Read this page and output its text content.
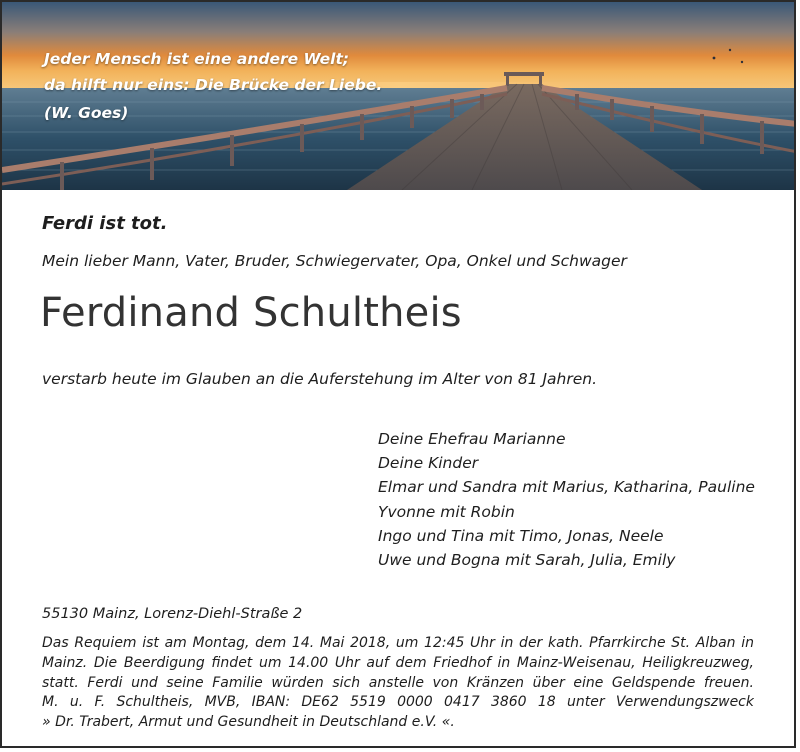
Jeder Mensch ist eine andere Welt;
da hilft nur eins: Die Brücke der Liebe.
(W. Goes)
Ferdi ist tot.
Mein lieber Mann, Vater, Bruder, Schwiegervater, Opa, Onkel und Schwager
Ferdinand Schultheis
verstarb heute im Glauben an die Auferstehung im Alter von 81 Jahren.
Deine Ehefrau Marianne
Deine Kinder
Elmar und Sandra mit Marius, Katharina, Pauline
Yvonne mit Robin
Ingo und Tina mit Timo, Jonas, Neele
Uwe und Bogna mit Sarah, Julia, Emily
55130 Mainz, Lorenz-Diehl-Straße 2
Das Requiem ist am Montag, dem 14. Mai 2018, um 12:45 Uhr in der kath. Pfarrkirche St. Alban in
Mainz. Die Beerdigung findet um 14.00 Uhr auf dem Friedhof in Mainz-Weisenau, Heiligkreuzweg,
statt. Ferdi und seine Familie würden sich anstelle von Kränzen über eine Geldspende freuen.
M. u. F. Schultheis, MVB, IBAN: DE62 5519 0000 0417 3860 18 unter Verwendungszweck
» Dr. Trabert, Armut und Gesundheit in Deutschland e.V. «.
